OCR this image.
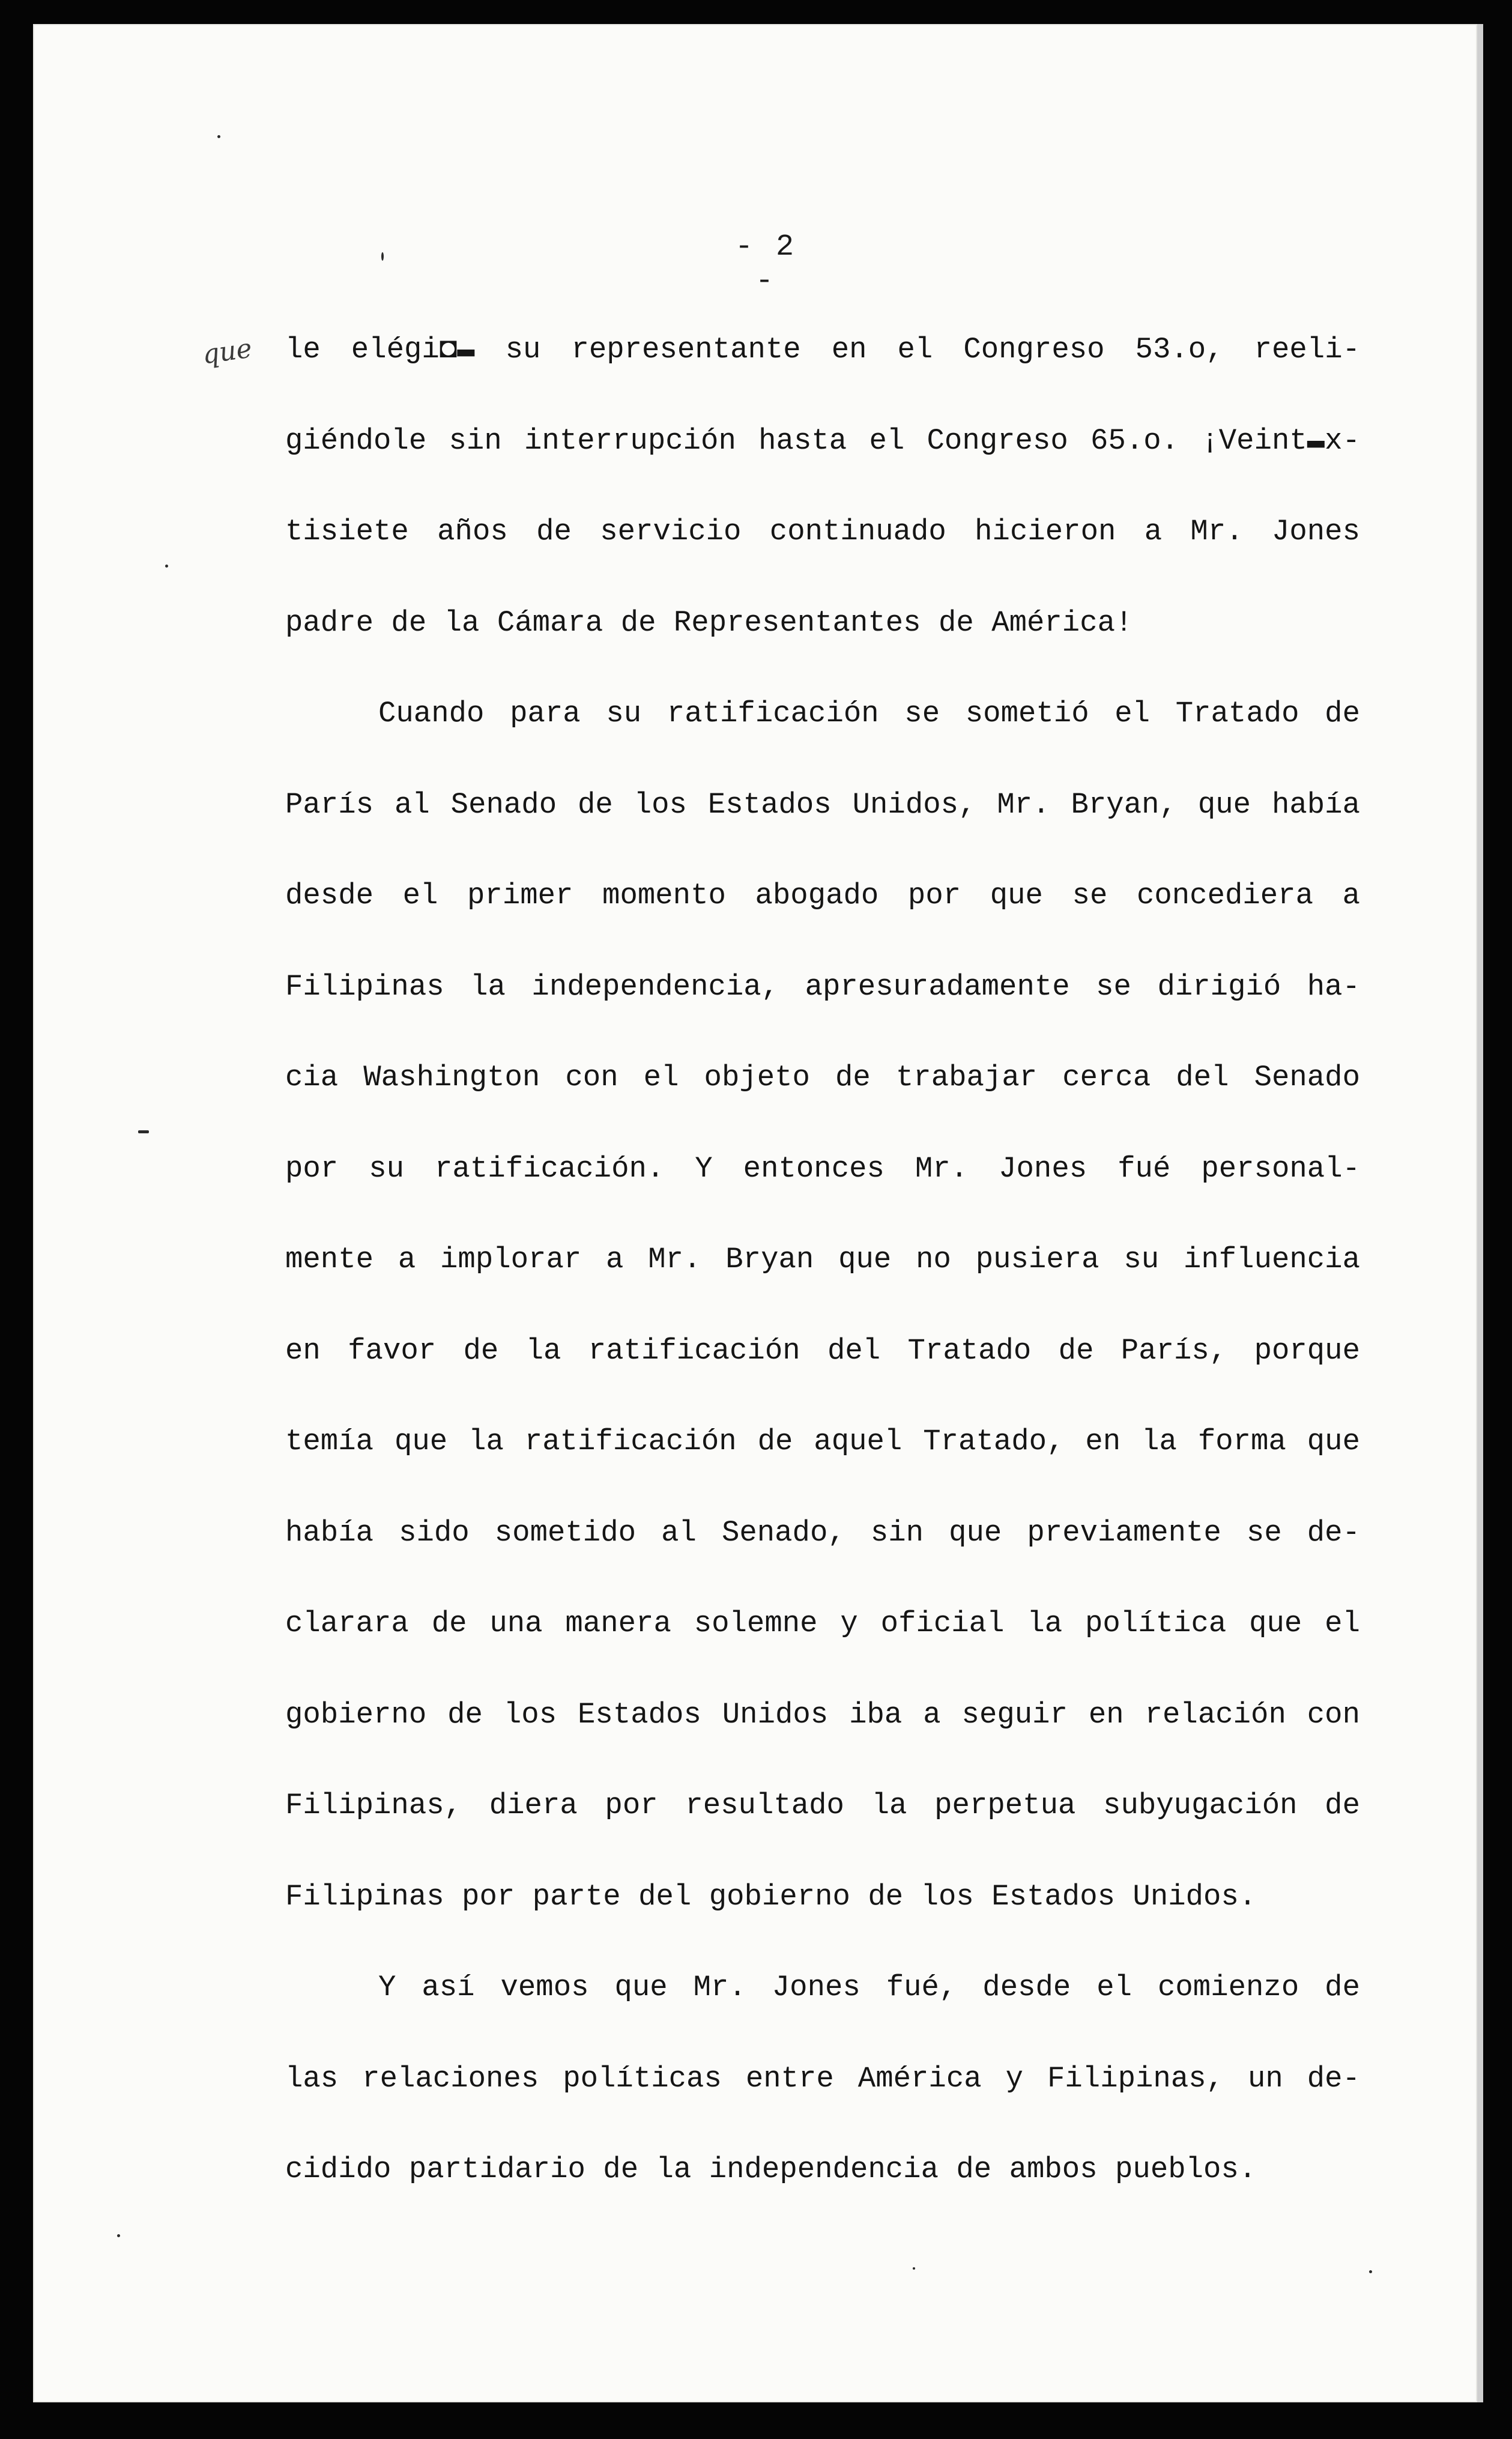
- 2 -
que le elégi◘▬ su representante en el Congreso 53.o, reeli-
giéndole sin interrupción hasta el Congreso 65.o. ¡Veint▬x-
tisiete años de servicio continuado hicieron a Mr. Jones
padre de la Cámara de Representantes de América!
Cuando para su ratificación se sometió el Tratado de
París al Senado de los Estados Unidos, Mr. Bryan, que había
desde el primer momento abogado por que se concediera a
Filipinas la independencia, apresuradamente se dirigió ha-
cia Washington con el objeto de trabajar cerca del Senado
por su ratificación. Y entonces Mr. Jones fué personal-
mente a implorar a Mr. Bryan que no pusiera su influencia
en favor de la ratificación del Tratado de París, porque
temía que la ratificación de aquel Tratado, en la forma que
había sido sometido al Senado, sin que previamente se de-
clarara de una manera solemne y oficial la política que el
gobierno de los Estados Unidos iba a seguir en relación con
Filipinas, diera por resultado la perpetua subyugación de
Filipinas por parte del gobierno de los Estados Unidos.
Y así vemos que Mr. Jones fué, desde el comienzo de
las relaciones políticas entre América y Filipinas, un de-
cidido partidario de la independencia de ambos pueblos.
